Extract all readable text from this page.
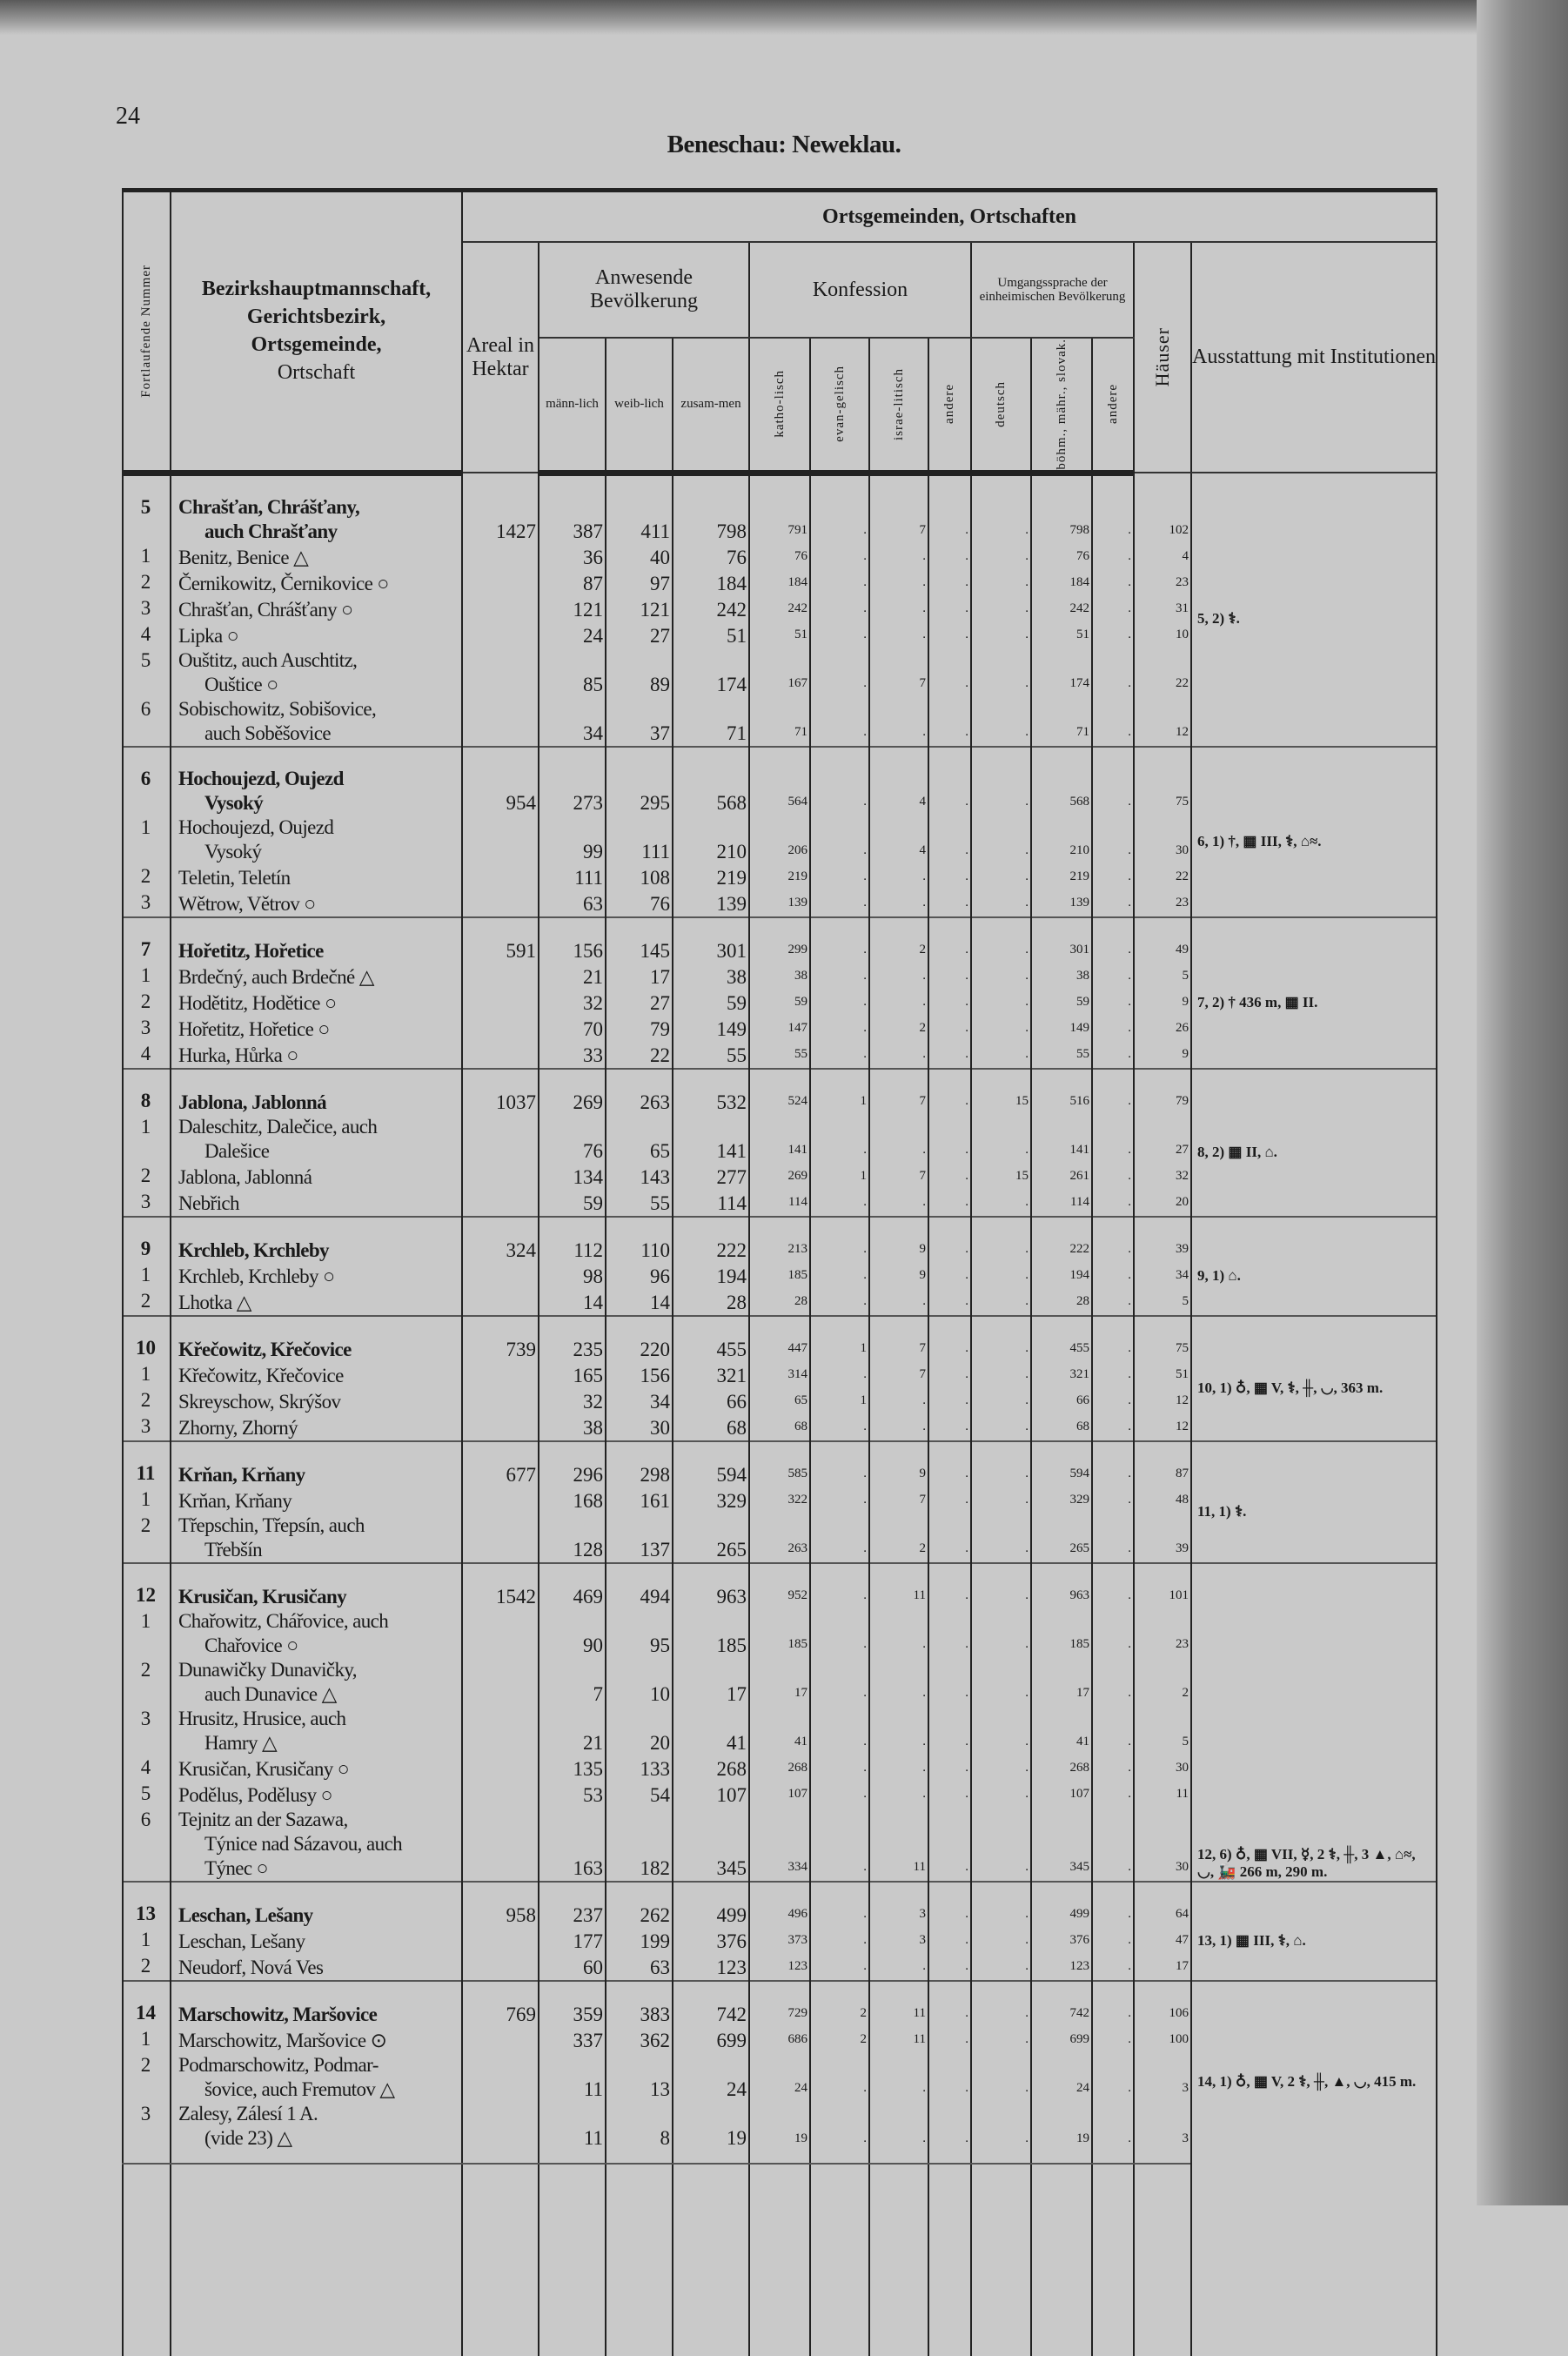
24
Beneschau: Neweklau.
Fortlaufende Nummer	Bezirkshauptmannschaft,
Gerichtsbezirk,
Ortsgemeinde,
Ortschaft	Ortsgemeinden, Ortschaften												
		Areal in Hektar	Anwesende Bevölkerung			Konfession				Umgangssprache der einheimischen Bevölkerung			Häuser	Ausstattung mit Institutionen
			männ-lich	weib-lich	zusam-men	katho-lisch	evan-gelisch	israe-litisch	andere	deutsch	böhm., mähr., slovak.	andere		

5	Chrašťan, Chrášťany,
auch Chrašťany	1427	387	411	798	791	.	7	.	.	798	.	102	5, 2) ⚕.
1	Benitz, Benice △		36	40	76	76	.	.	.	.	76	.	4	
2	Černikowitz, Černikovice ○		87	97	184	184	.	.	.	.	184	.	23	
3	Chrašťan, Chrášťany ○		121	121	242	242	.	.	.	.	242	.	31	
4	Lipka ○		24	27	51	51	.	.	.	.	51	.	10	
5	Ouštitz, auch Auschtitz,
Ouštice ○		85	89	174	167	.	7	.	.	174	.	22	
6	Sobischowitz, Sobišovice,
auch Soběšovice		34	37	71	71	.	.	.	.	71	.	12	
6	Hochoujezd, Oujezd
Vysoký	954	273	295	568	564	.	4	.	.	568	.	75	6, 1) †, ▦ III, ⚕, ⌂≈.
1	Hochoujezd, Oujezd
Vysoký		99	111	210	206	.	4	.	.	210	.	30	
2	Teletin, Teletín		111	108	219	219	.	.	.	.	219	.	22	
3	Wětrow, Větrov ○		63	76	139	139	.	.	.	.	139	.	23	
7	Hořetitz, Hořetice	591	156	145	301	299	.	2	.	.	301	.	49	7, 2) † 436 m, ▦ II.
1	Brdečný, auch Brdečné △		21	17	38	38	.	.	.	.	38	.	5	
2	Hodětitz, Hodětice ○		32	27	59	59	.	.	.	.	59	.	9	
3	Hořetitz, Hořetice ○		70	79	149	147	.	2	.	.	149	.	26	
4	Hurka, Hůrka ○		33	22	55	55	.	.	.	.	55	.	9	
8	Jablona, Jablonná	1037	269	263	532	524	1	7	.	15	516	.	79	8, 2) ▦ II, ⌂.
1	Daleschitz, Dalečice, auch
Dalešice		76	65	141	141	.	.	.	.	141	.	27	
2	Jablona, Jablonná		134	143	277	269	1	7	.	15	261	.	32	
3	Nebřich		59	55	114	114	.	.	.	.	114	.	20	
9	Krchleb, Krchleby	324	112	110	222	213	.	9	.	.	222	.	39	9, 1) ⌂.
1	Krchleb, Krchleby ○		98	96	194	185	.	9	.	.	194	.	34	
2	Lhotka △		14	14	28	28	.	.	.	.	28	.	5	
10	Křečowitz, Křečovice	739	235	220	455	447	1	7	.	.	455	.	75	10, 1) ♁, ▦ V, ⚕, ╫, ◡, 363 m.
1	Křečowitz, Křečovice		165	156	321	314	.	7	.	.	321	.	51	
2	Skreyschow, Skrýšov		32	34	66	65	1	.	.	.	66	.	12	
3	Zhorny, Zhorný		38	30	68	68	.	.	.	.	68	.	12	
11	Krňan, Krňany	677	296	298	594	585	.	9	.	.	594	.	87	11, 1) ⚕.
1	Krňan, Krňany		168	161	329	322	.	7	.	.	329	.	48	
2	Třepschin, Třepsín, auch
Třebšín		128	137	265	263	.	2	.	.	265	.	39	
12	Krusičan, Krusičany	1542	469	494	963	952	.	11	.	.	963	.	101	12, 6) ♁, ▦ VII, ☿, 2 ⚕, ╫, 3 ▲, ⌂≈, ◡, 🚂 266 m, 290 m.
1	Chařowitz, Chářovice, auch
Chařovice ○		90	95	185	185	.	.	.	.	185	.	23	
2	Dunawičky Dunavičky,
auch Dunavice △		7	10	17	17	.	.	.	.	17	.	2	
3	Hrusitz, Hrusice, auch
Hamry △		21	20	41	41	.	.	.	.	41	.	5	
4	Krusičan, Krusičany ○		135	133	268	268	.	.	.	.	268	.	30	
5	Podělus, Podělusy ○		53	54	107	107	.	.	.	.	107	.	11	
6	Tejnitz an der Sazawa,
Týnice nad Sázavou, auch
Týnec ○		163	182	345	334	.	11	.	.	345	.	30	
13	Leschan, Lešany	958	237	262	499	496	.	3	.	.	499	.	64	13, 1) ▦ III, ⚕, ⌂.
1	Leschan, Lešany		177	199	376	373	.	3	.	.	376	.	47	
2	Neudorf, Nová Ves		60	63	123	123	.	.	.	.	123	.	17	
14	Marschowitz, Maršovice	769	359	383	742	729	2	11	.	.	742	.	106	14, 1) ♁, ▦ V, 2 ⚕, ╫, ▲, ◡, 415 m.
1	Marschowitz, Maršovice ⊙		337	362	699	686	2	11	.	.	699	.	100	
2	Podmarschowitz, Podmar-
šovice, auch Fremutov △		11	13	24	24	.	.	.	.	24	.	3	
3	Zalesy, Zálesí 1 A.
(vide 23) △		11	8	19	19	.	.	.	.	19	.	3	
